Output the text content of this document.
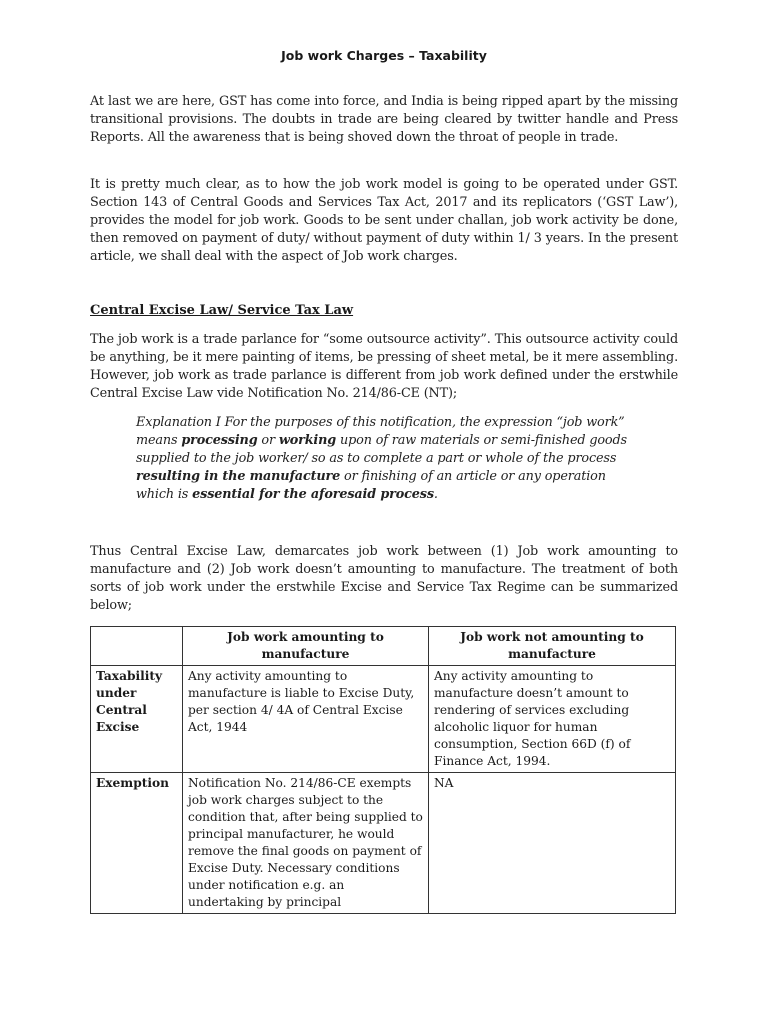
Job work Charges – Taxability

At last we are here, GST has come into force, and India is being ripped apart by the missing transitional provisions. The doubts in trade are being cleared by twitter handle and Press Reports. All the awareness that is being shoved down the throat of people in trade.

It is pretty much clear, as to how the job work model is going to be operated under GST. Section 143 of Central Goods and Services Tax Act, 2017 and its replicators (‘GST Law’), provides the model for job work. Goods to be sent under challan, job work activity be done, then removed on payment of duty/ without payment of duty within 1/ 3 years. In the present article, we shall deal with the aspect of Job work charges.

Central Excise Law/ Service Tax Law

The job work is a trade parlance for “some outsource activity”. This outsource activity could be anything, be it mere painting of items, be pressing of sheet metal, be it mere assembling. However, job work as trade parlance is different from job work defined under the erstwhile Central Excise Law vide Notification No. 214/86-CE (NT);

Explanation I For the purposes of this notification, the expression “job work” means processing or working upon of raw materials or semi-finished goods supplied to the job worker/ so as to complete a part or whole of the process resulting in the manufacture or finishing of an article or any operation which is essential for the aforesaid process.

Thus Central Excise Law, demarcates job work between (1) Job work amounting to manufacture and (2) Job work doesn’t amounting to manufacture. The treatment of both sorts of job work under the erstwhile Excise and Service Tax Regime can be summarized below;

	Job work amounting to manufacture	Job work not amounting to manufacture
Taxability under Central Excise	Any activity amounting to manufacture is liable to Excise Duty, per section 4/ 4A of Central Excise Act, 1944	Any activity amounting to manufacture doesn’t amount to rendering of services excluding alcoholic liquor for human consumption, Section 66D (f) of Finance Act, 1994.
Exemption	Notification No. 214/86-CE exempts job work charges subject to the condition that, after being supplied to principal manufacturer, he would remove the final goods on payment of Excise Duty. Necessary conditions under notification e.g. an undertaking by principal	NA
